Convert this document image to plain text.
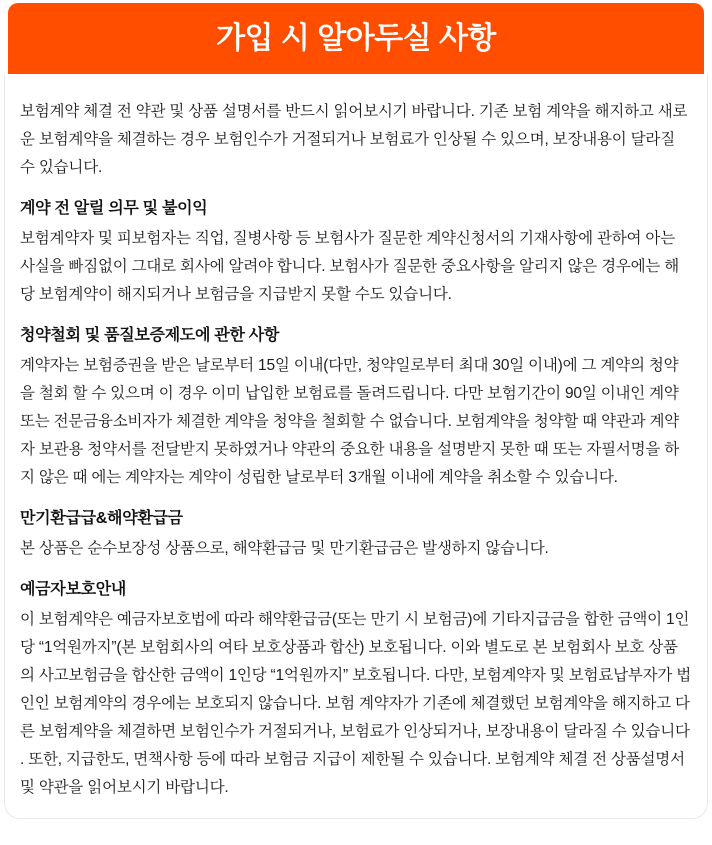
가입 시 알아두실 사항

보험계약 체결 전 약관 및 상품 설명서를 반드시 읽어보시기 바랍니다. 기존 보험 계약을 해지하고 새로운 보험계약을 체결하는 경우 보험인수가 거절되거나 보험료가 인상될 수 있으며, 보장내용이 달라질 수 있습니다.

계약 전 알릴 의무 및 불이익

보험계약자 및 피보험자는 직업, 질병사항 등 보험사가 질문한 계약신청서의 기재사항에 관하여 아는 사실을 빠짐없이 그대로 회사에 알려야 합니다. 보험사가 질문한 중요사항을 알리지 않은 경우에는 해당 보험계약이 해지되거나 보험금을 지급받지 못할 수도 있습니다.

청약철회 및 품질보증제도에 관한 사항

계약자는 보험증권을 받은 날로부터 15일 이내(다만, 청약일로부터 최대 30일 이내)에 그 계약의 청약을 철회 할 수 있으며 이 경우 이미 납입한 보험료를 돌려드립니다. 다만 보험기간이 90일 이내인 계약 또는 전문금융소비자가 체결한 계약을 청약을 철회할 수 없습니다. 보험계약을 청약할 때 약관과 계약자 보관용 청약서를 전달받지 못하였거나 약관의 중요한 내용을 설명받지 못한 때 또는 자필서명을 하지 않은 때 에는 계약자는 계약이 성립한 날로부터 3개월 이내에 계약을 취소할 수 있습니다.

만기환급급&해약환급금

본 상품은 순수보장성 상품으로, 해약환급금 및 만기환급금은 발생하지 않습니다.

예금자보호안내

이 보험계약은 예금자보호법에 따라 해약환급금(또는 만기 시 보험금)에 기타지급금을 합한 금액이 1인당 “1억원까지”(본 보험회사의 여타 보호상품과 합산) 보호됩니다. 이와 별도로 본 보험회사 보호 상품의 사고보험금을 합산한 금액이 1인당 “1억원까지” 보호됩니다. 다만, 보험계약자 및 보험료납부자가 법인인 보험계약의 경우에는 보호되지 않습니다. 보험 계약자가 기존에 체결했던 보험계약을 해지하고 다른 보험계약을 체결하면 보험인수가 거절되거나, 보험료가 인상되거나, 보장내용이 달라질 수 있습니다. 또한, 지급한도, 면책사항 등에 따라 보험금 지급이 제한될 수 있습니다. 보험계약 체결 전 상품설명서 및 약관을 읽어보시기 바랍니다.
